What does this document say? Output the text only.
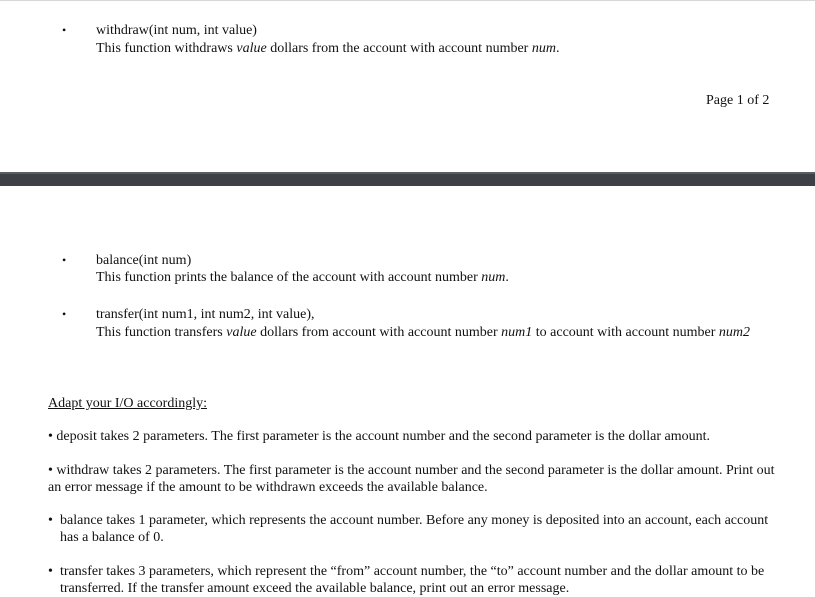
• withdraw(int num, int value)
This function withdraws value dollars from the account with account number num.
Page 1 of 2
• balance(int num)
This function prints the balance of the account with account number num.
• transfer(int num1, int num2, int value),
This function transfers value dollars from account with account number num1 to account with account number num2
Adapt your I/O accordingly:
• deposit takes 2 parameters. The first parameter is the account number and the second parameter is the dollar amount.
• withdraw takes 2 parameters. The first parameter is the account number and the second parameter is the dollar amount. Print out an error message if the amount to be withdrawn exceeds the available balance.
• balance takes 1 parameter, which represents the account number. Before any money is deposited into an account, each account has a balance of 0.
• transfer takes 3 parameters, which represent the “from” account number, the “to” account number and the dollar amount to be transferred. If the transfer amount exceed the available balance, print out an error message.
